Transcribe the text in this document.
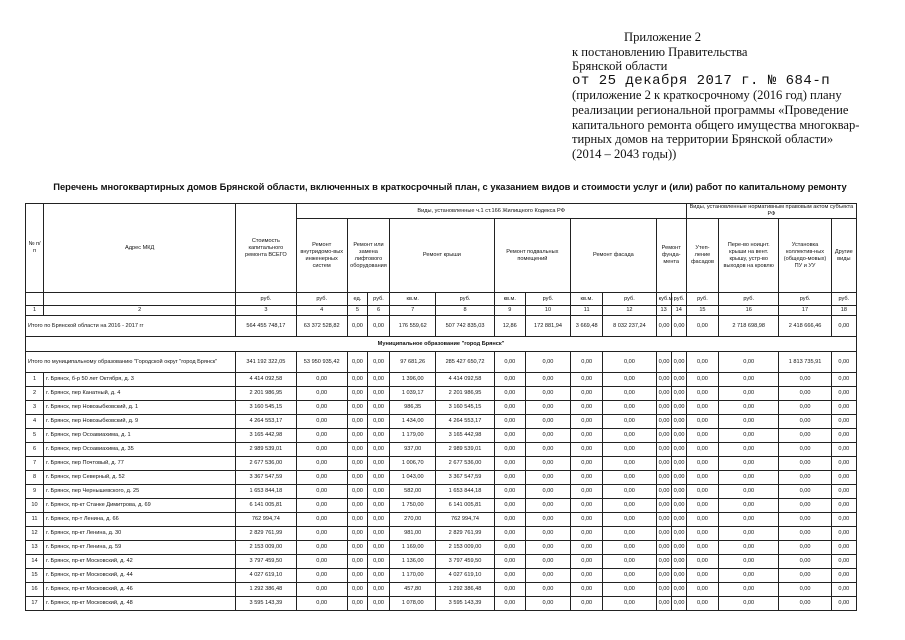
Приложение 2
к постановлению Правительства
Брянской области
от 25 декабря 2017 г. № 684-п
(приложение 2 к краткосрочному (2016 год) плану
реализации региональной программы «Проведение
капитального ремонта общего имущества многоквар-
тирных домов на территории Брянской области»
(2014 – 2043 годы))
Перечень многоквартирных домов Брянской области, включенных в краткосрочный план, с указанием видов и стоимости услуг и (или) работ по капитальному ремонту
№ п/п	Адрес МКД	Стоимость капитального ремонта ВСЕГО	Виды, установленные ч.1 ст.166 Жилищного Кодекса РФ											Виды, установленные нормативным правовым актом субъекта РФ			
			Ремонт внутридомо-вых инженерных систем	Ремонт или замена лифтового оборудования		Ремонт крыши		Ремонт подвальных помещений		Ремонт фасада		Ремонт фунда-мента		Утеп-ление фасадов	Пере-во ноицнт. крыши на вент. крышу, устр-во выходов на кровлю	Установка коллектив-ных (общедо-мовых) ПУ и УУ	Другие виды
		руб.	руб.	ед.	руб.	кв.м.	руб.	кв.м.	руб.	кв.м.	руб.	куб.м	руб.	руб.	руб.	руб.	руб.
1	2	3	4	5	6	7	8	9	10	11	12	13	14	15	16	17	18
Итого по Брянской области на 2016 - 2017 гг		564 455 748,17	63 372 528,82	0,00	0,00	176 559,62	507 742 835,03	12,86	172 881,94	3 669,48	8 032 237,24	0,00	0,00	0,00	2 718 698,98	2 418 666,46	0,00
Муниципальное образование "город Брянск"																	
Итого по муниципальному образованию "Городской округ "город Брянск"		341 192 322,05	53 950 935,42	0,00	0,00	97 681,26	285 427 650,72	0,00	0,00	0,00	0,00	0,00	0,00	0,00	0,00	1 813 735,91	0,00
1	г. Брянск, б-р 50 лет Октября, д. 3	4 414 092,58	0,00	0,00	0,00	1 396,00	4 414 092,58	0,00	0,00	0,00	0,00	0,00	0,00	0,00	0,00	0,00	0,00
2	г. Брянск, пер Канатный, д. 4	2 201 986,95	0,00	0,00	0,00	1 039,17	2 201 986,95	0,00	0,00	0,00	0,00	0,00	0,00	0,00	0,00	0,00	0,00
3	г. Брянск, пер Новозыбковский, д. 1	3 160 545,15	0,00	0,00	0,00	986,35	3 160 545,15	0,00	0,00	0,00	0,00	0,00	0,00	0,00	0,00	0,00	0,00
4	г. Брянск, пер Новозыбковский, д. 9	4 264 553,17	0,00	0,00	0,00	1 434,00	4 264 553,17	0,00	0,00	0,00	0,00	0,00	0,00	0,00	0,00	0,00	0,00
5	г. Брянск, пер Осоавиахима, д. 1	3 165 442,98	0,00	0,00	0,00	1 179,00	3 165 442,98	0,00	0,00	0,00	0,00	0,00	0,00	0,00	0,00	0,00	0,00
6	г. Брянск, пер Осоавиахима, д. 35	2 989 539,01	0,00	0,00	0,00	937,00	2 989 539,01	0,00	0,00	0,00	0,00	0,00	0,00	0,00	0,00	0,00	0,00
7	г. Брянск, пер Почтовый, д. 77	2 677 536,00	0,00	0,00	0,00	1 006,70	2 677 536,00	0,00	0,00	0,00	0,00	0,00	0,00	0,00	0,00	0,00	0,00
8	г. Брянск, пер Северный, д. 52	3 367 547,59	0,00	0,00	0,00	1 043,00	3 367 547,59	0,00	0,00	0,00	0,00	0,00	0,00	0,00	0,00	0,00	0,00
9	г. Брянск, пер Чернышевского, д. 25	1 653 844,18	0,00	0,00	0,00	582,00	1 653 844,18	0,00	0,00	0,00	0,00	0,00	0,00	0,00	0,00	0,00	0,00
10	г. Брянск, пр-кт Станке Димитрова, д. 69	6 141 005,81	0,00	0,00	0,00	1 750,00	6 141 005,81	0,00	0,00	0,00	0,00	0,00	0,00	0,00	0,00	0,00	0,00
11	г. Брянск, пр-т Ленина, д. 66	762 994,74	0,00	0,00	0,00	270,00	762 994,74	0,00	0,00	0,00	0,00	0,00	0,00	0,00	0,00	0,00	0,00
12	г. Брянск, пр-кт Ленина, д. 30	2 829 761,99	0,00	0,00	0,00	981,00	2 829 761,99	0,00	0,00	0,00	0,00	0,00	0,00	0,00	0,00	0,00	0,00
13	г. Брянск, пр-кт Ленина, д. 59	2 153 009,00	0,00	0,00	0,00	1 169,00	2 153 009,00	0,00	0,00	0,00	0,00	0,00	0,00	0,00	0,00	0,00	0,00
14	г. Брянск, пр-кт Московский, д. 42	3 797 459,50	0,00	0,00	0,00	1 136,00	3 797 459,50	0,00	0,00	0,00	0,00	0,00	0,00	0,00	0,00	0,00	0,00
15	г. Брянск, пр-кт Московский, д. 44	4 027 619,10	0,00	0,00	0,00	1 170,00	4 027 619,10	0,00	0,00	0,00	0,00	0,00	0,00	0,00	0,00	0,00	0,00
16	г. Брянск, пр-кт Московский, д. 46	1 292 386,48	0,00	0,00	0,00	457,80	1 292 386,48	0,00	0,00	0,00	0,00	0,00	0,00	0,00	0,00	0,00	0,00
17	г. Брянск, пр-кт Московский, д. 48	3 595 143,39	0,00	0,00	0,00	1 078,00	3 595 143,39	0,00	0,00	0,00	0,00	0,00	0,00	0,00	0,00	0,00	0,00
